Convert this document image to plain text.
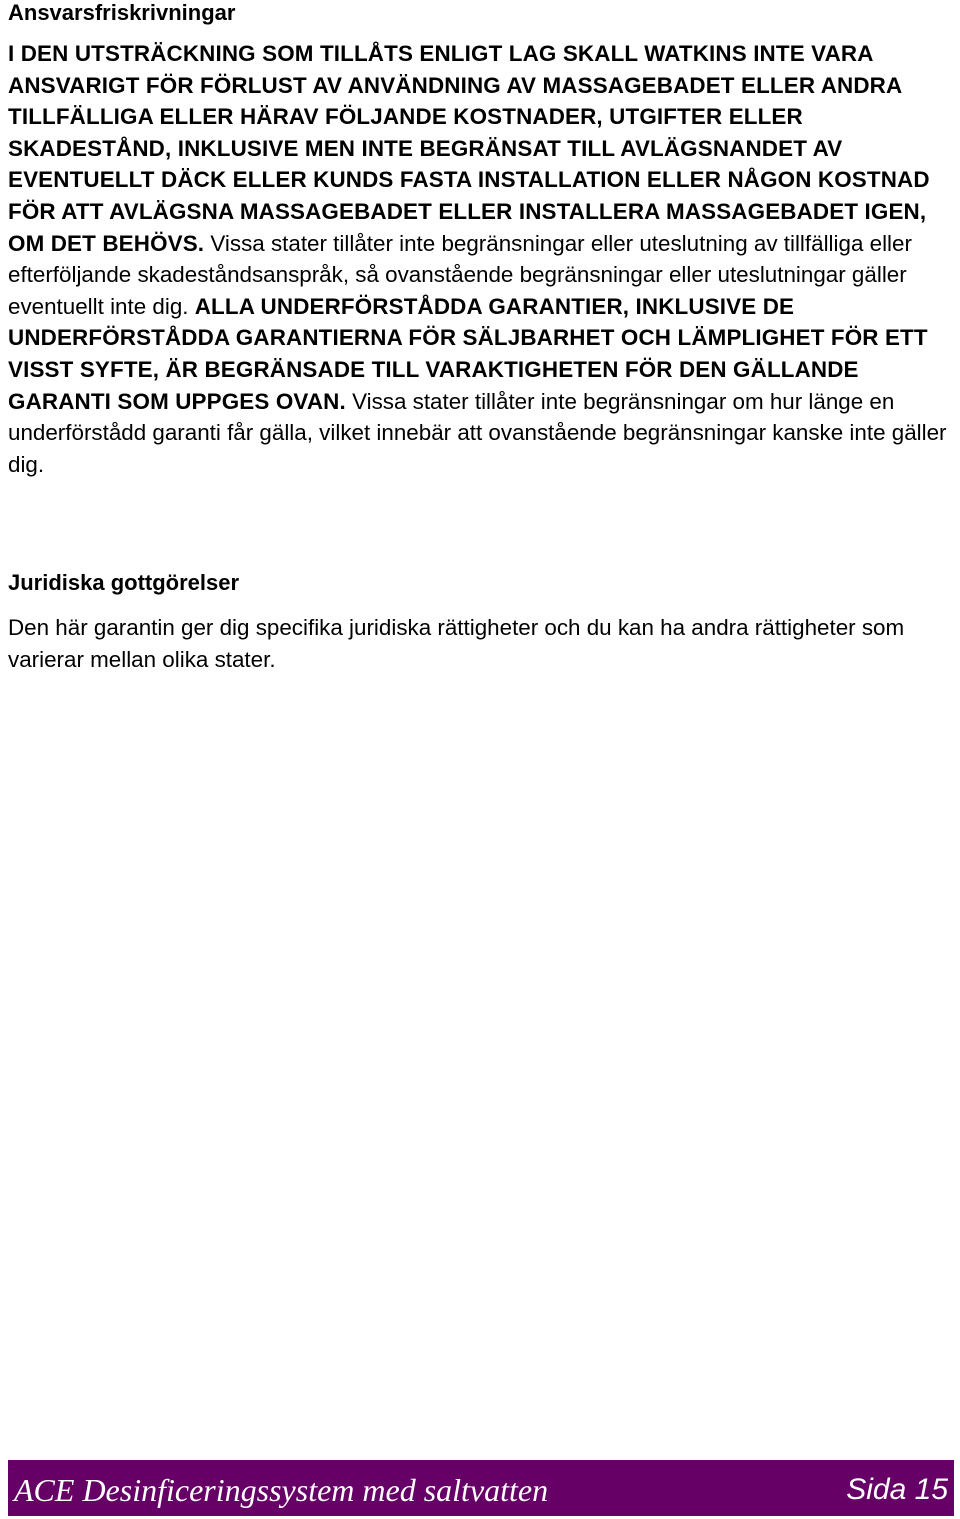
Ansvarsfriskrivningar

I DEN UTSTRÄCKNING SOM TILLÅTS ENLIGT LAG SKALL WATKINS INTE VARA ANSVARIGT FÖR FÖRLUST AV ANVÄNDNING AV MASSAGEBADET ELLER ANDRA TILLFÄLLIGA ELLER HÄRAV FÖLJANDE KOSTNADER, UTGIFTER ELLER SKADESTÅND, INKLUSIVE MEN INTE BEGRÄNSAT TILL AVLÄGSNANDET AV EVENTUELLT DÄCK ELLER KUNDS FASTA INSTALLATION ELLER NÅGON KOSTNAD FÖR ATT AVLÄGSNA MASSAGEBADET ELLER INSTALLERA MASSAGEBADET IGEN, OM DET BEHÖVS. Vissa stater tillåter inte begränsningar eller uteslutning av tillfälliga eller efterföljande skadeståndsanspråk, så ovanstående begränsningar eller uteslutningar gäller eventuellt inte dig. ALLA UNDERFÖRSTÅDDA GARANTIER, INKLUSIVE DE UNDERFÖRSTÅDDA GARANTIERNA FÖR SÄLJBARHET OCH LÄMPLIGHET FÖR ETT VISST SYFTE, ÄR BEGRÄNSADE TILL VARAKTIGHETEN FÖR DEN GÄLLANDE GARANTI SOM UPPGES OVAN. Vissa stater tillåter inte begränsningar om hur länge en underförstådd garanti får gälla, vilket innebär att ovanstående begränsningar kanske inte gäller dig.

Juridiska gottgörelser

Den här garantin ger dig specifika juridiska rättigheter och du kan ha andra rättigheter som varierar mellan olika stater.

ACE Desinficeringssystem med saltvatten	Sida 15
